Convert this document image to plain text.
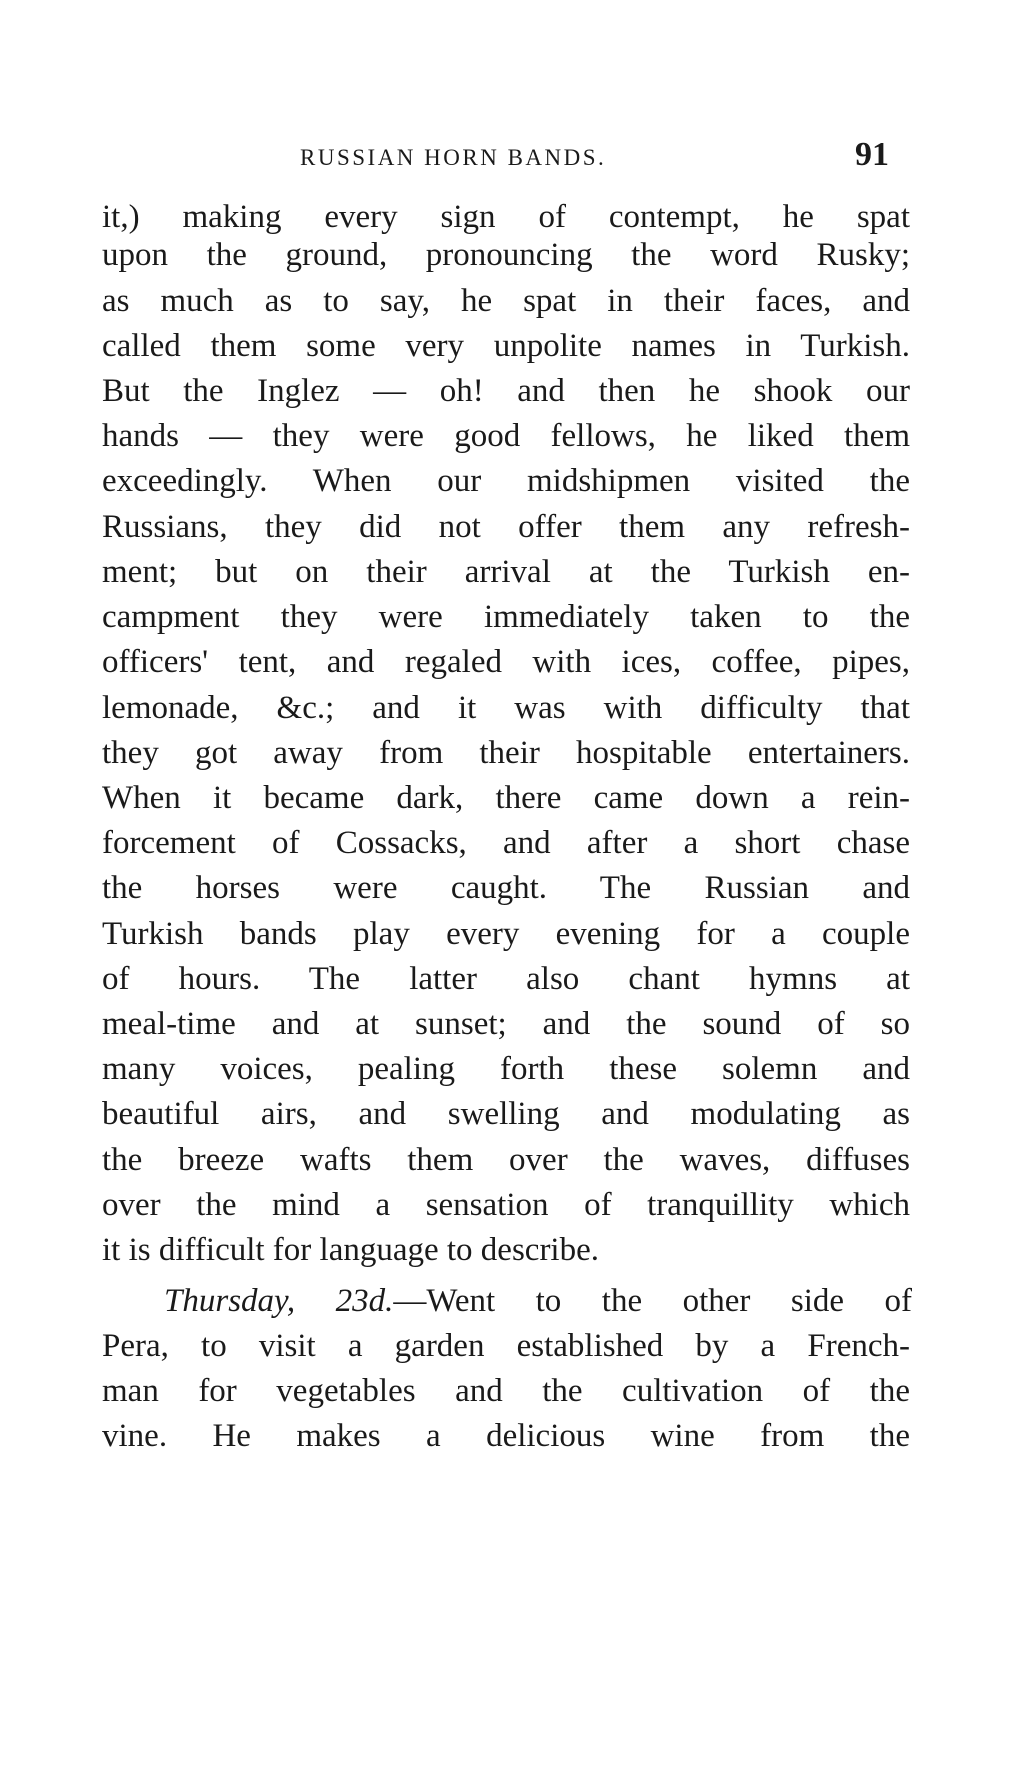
RUSSIAN HORN BANDS.	91
it,) making every sign of contempt, he spat
upon the ground, pronouncing the word Rusky;
as much as to say, he spat in their faces, and
called them some very unpolite names in Turkish.
But the Inglez — oh! and then he shook our
hands — they were good fellows, he liked them
exceedingly. When our midshipmen visited the
Russians, they did not offer them any refresh-
ment; but on their arrival at the Turkish en-
campment they were immediately taken to the
officers' tent, and regaled with ices, coffee, pipes,
lemonade, &c.; and it was with difficulty that
they got away from their hospitable entertainers.
When it became dark, there came down a rein-
forcement of Cossacks, and after a short chase
the horses were caught. The Russian and
Turkish bands play every evening for a couple
of hours. The latter also chant hymns at
meal-time and at sunset; and the sound of so
many voices, pealing forth these solemn and
beautiful airs, and swelling and modulating as
the breeze wafts them over the waves, diffuses
over the mind a sensation of tranquillity which
it is difficult for language to describe.
Thursday, 23d.—Went to the other side of
Pera, to visit a garden established by a French-
man for vegetables and the cultivation of the
vine. He makes a delicious wine from the
